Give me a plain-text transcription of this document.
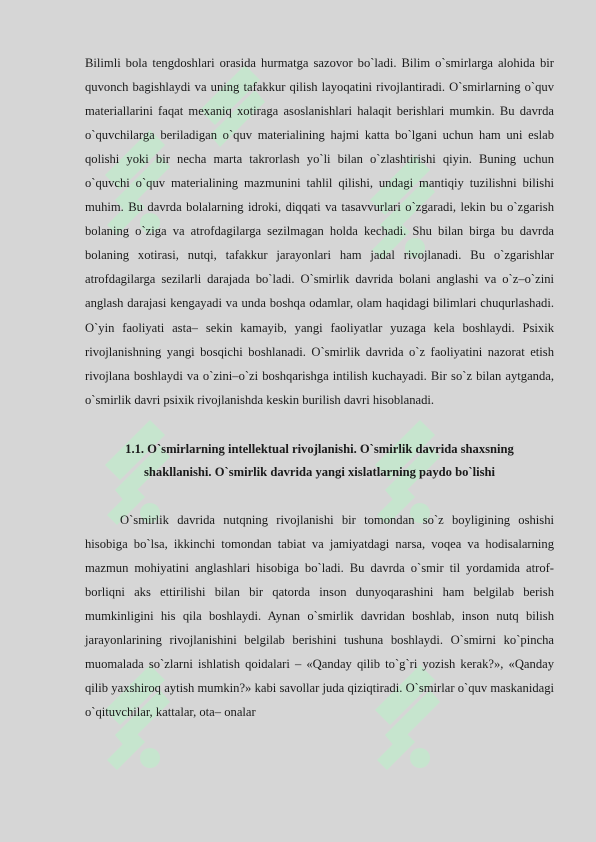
Bilimli bola tengdoshlari orasida hurmatga sazovor bo`ladi. Bilim o`smirlarga alohida bir quvonch bagishlaydi va uning tafakkur qilish layoqatini rivojlantiradi. O`smirlarning o`quv materiallarini faqat mexaniq xotiraga asoslanishlari halaqit berishlari mumkin. Bu davrda o`quvchilarga beriladigan o`quv materialining hajmi katta bo`lgani uchun ham uni eslab qolishi yoki bir necha marta takrorlash yo`li bilan o`zlashtirishi qiyin. Buning uchun o`quvchi o`quv materialining mazmunini tahlil qilishi, undagi mantiqiy tuzilishni bilishi muhim. Bu davrda bolalarning idroki, diqqati va tasavvurlari o`zgaradi, lekin bu o`zgarish bolaning o`ziga va atrofdagilarga sezilmagan holda kechadi. Shu bilan birga bu davrda bolaning xotirasi, nutqi, tafakkur jarayonlari ham jadal rivojlanadi. Bu o`zgarishlar atrofdagilarga sezilarli darajada bo`ladi. O`smirlik davrida bolani anglashi va o`z–o`zini anglash darajasi kengayadi va unda boshqa odamlar, olam haqidagi bilimlari chuqurlashadi. O`yin faoliyati asta– sekin kamayib, yangi faoliyatlar yuzaga kela boshlaydi. Psixik rivojlanishning yangi bosqichi boshlanadi. O`smirlik davrida o`z faoliyatini nazorat etish rivojlana boshlaydi va o`zini–o`zi boshqarishga intilish kuchayadi. Bir so`z bilan aytganda, o`smirlik davri psixik rivojlanishda keskin burilish davri hisoblanadi.

1.1. O`smirlarning intellektual rivojlanishi. O`smirlik davrida shaxsning shakllanishi. O`smirlik davrida yangi xislatlarning paydo bo`lishi

O`smirlik davrida nutqning rivojlanishi bir tomondan so`z boyligining oshishi hisobiga bo`lsa, ikkinchi tomondan tabiat va jamiyatdagi narsa, voqea va hodisalarning mazmun mohiyatini anglashlari hisobiga bo`ladi. Bu davrda o`smir til yordamida atrof-borliqni aks ettirilishi bilan bir qatorda inson dunyoqarashini ham belgilab berish mumkinligini his qila boshlaydi. Aynan o`smirlik davridan boshlab, inson nutq bilish jarayonlarining rivojlanishini belgilab berishini tushuna boshlaydi. O`smirni ko`pincha muomalada so`zlarni ishlatish qoidalari – «Qanday qilib to`g`ri yozish kerak?», «Qanday qilib yaxshiroq aytish mumkin?» kabi savollar juda qiziqtiradi. O`smirlar o`quv maskanidagi o`qituvchilar, kattalar, ota– onalar
